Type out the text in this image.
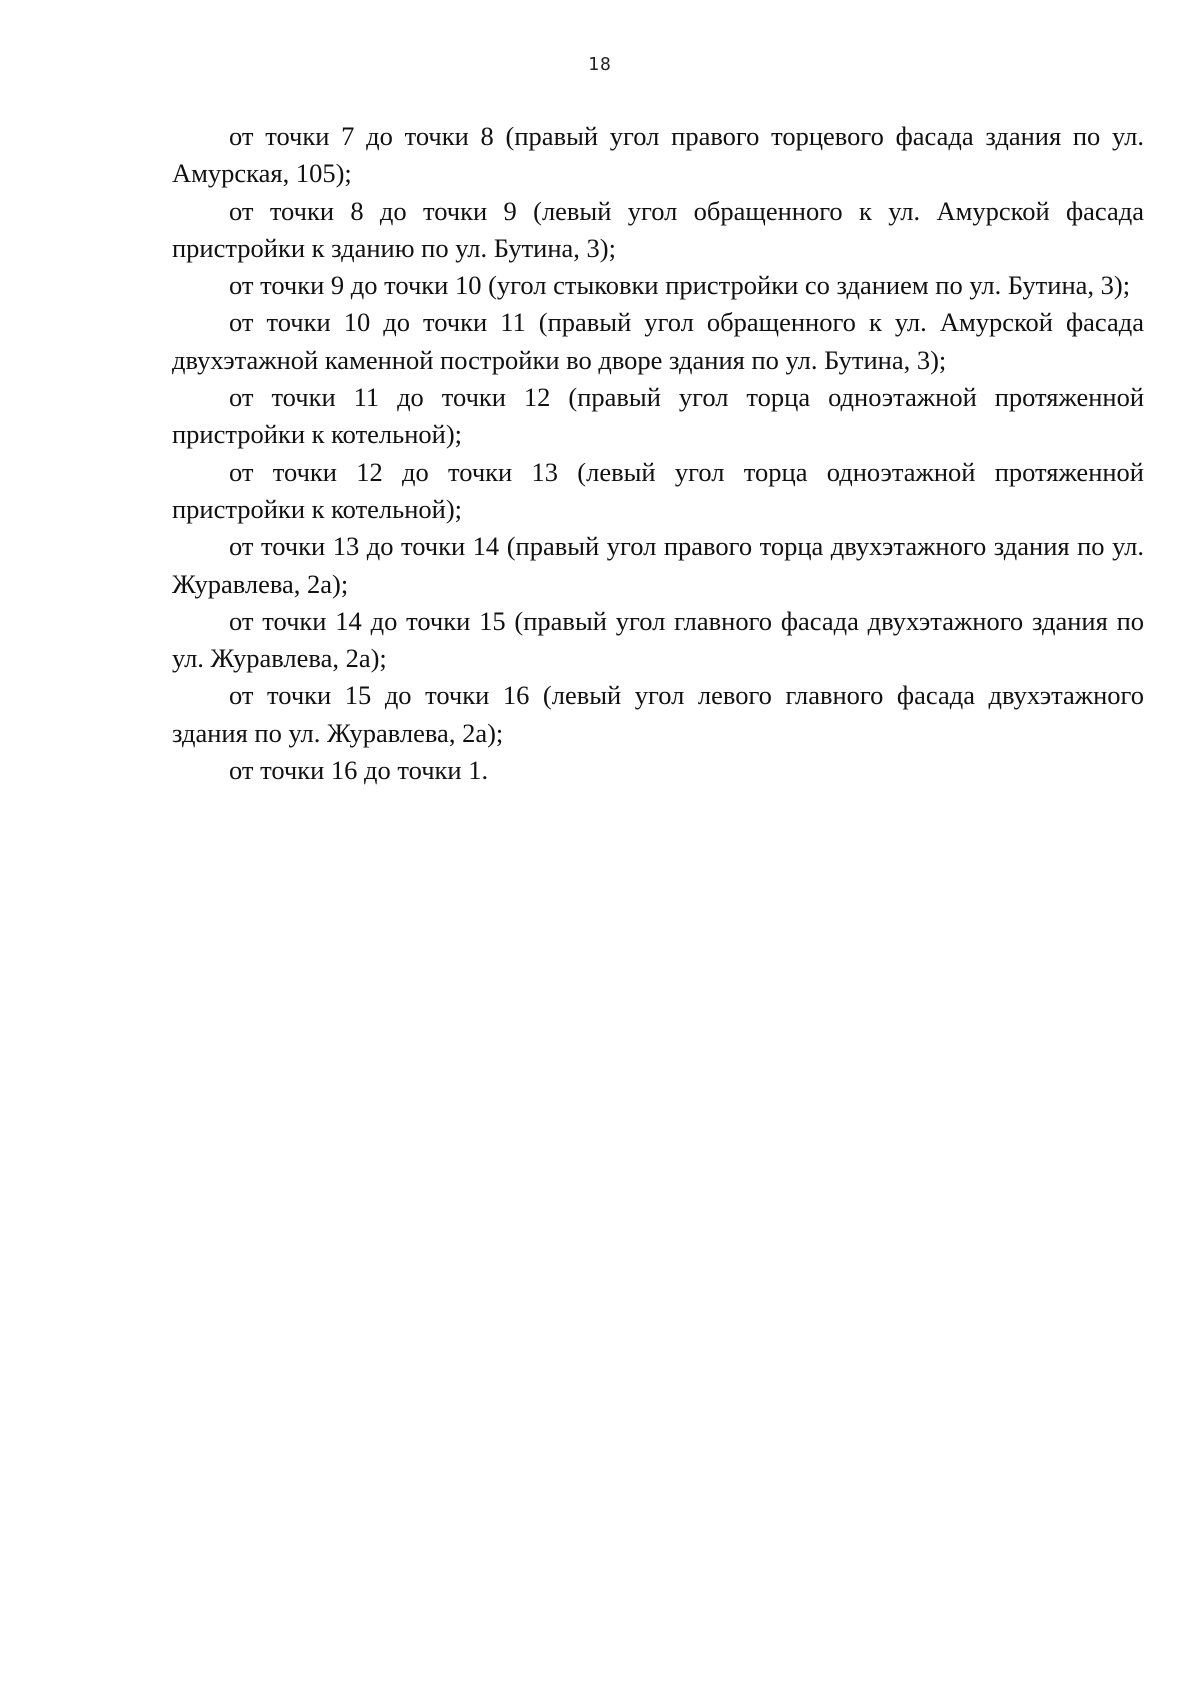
18

от точки 7 до точки 8 (правый угол правого торцевого фасада здания по ул. Амурская, 105);

от точки 8 до точки 9 (левый угол обращенного к ул. Амурской фасада пристройки к зданию по ул. Бутина, 3);

от точки 9 до точки 10 (угол стыковки пристройки со зданием по ул. Бутина, 3);

от точки 10 до точки 11 (правый угол обращенного к ул. Амурской фасада двухэтажной каменной постройки во дворе здания по ул. Бутина, 3);

от точки 11 до точки 12 (правый угол торца одноэтажной протяженной пристройки к котельной);

от точки 12 до точки 13 (левый угол торца одноэтажной протяженной пристройки к котельной);

от точки 13 до точки 14 (правый угол правого торца двухэтажного здания по ул. Журавлева, 2а);

от точки 14 до точки 15 (правый угол главного фасада двухэтажного здания по ул. Журавлева, 2а);

от точки 15 до точки 16 (левый угол левого главного фасада двухэтажного здания по ул. Журавлева, 2а);

от точки 16 до точки 1.
